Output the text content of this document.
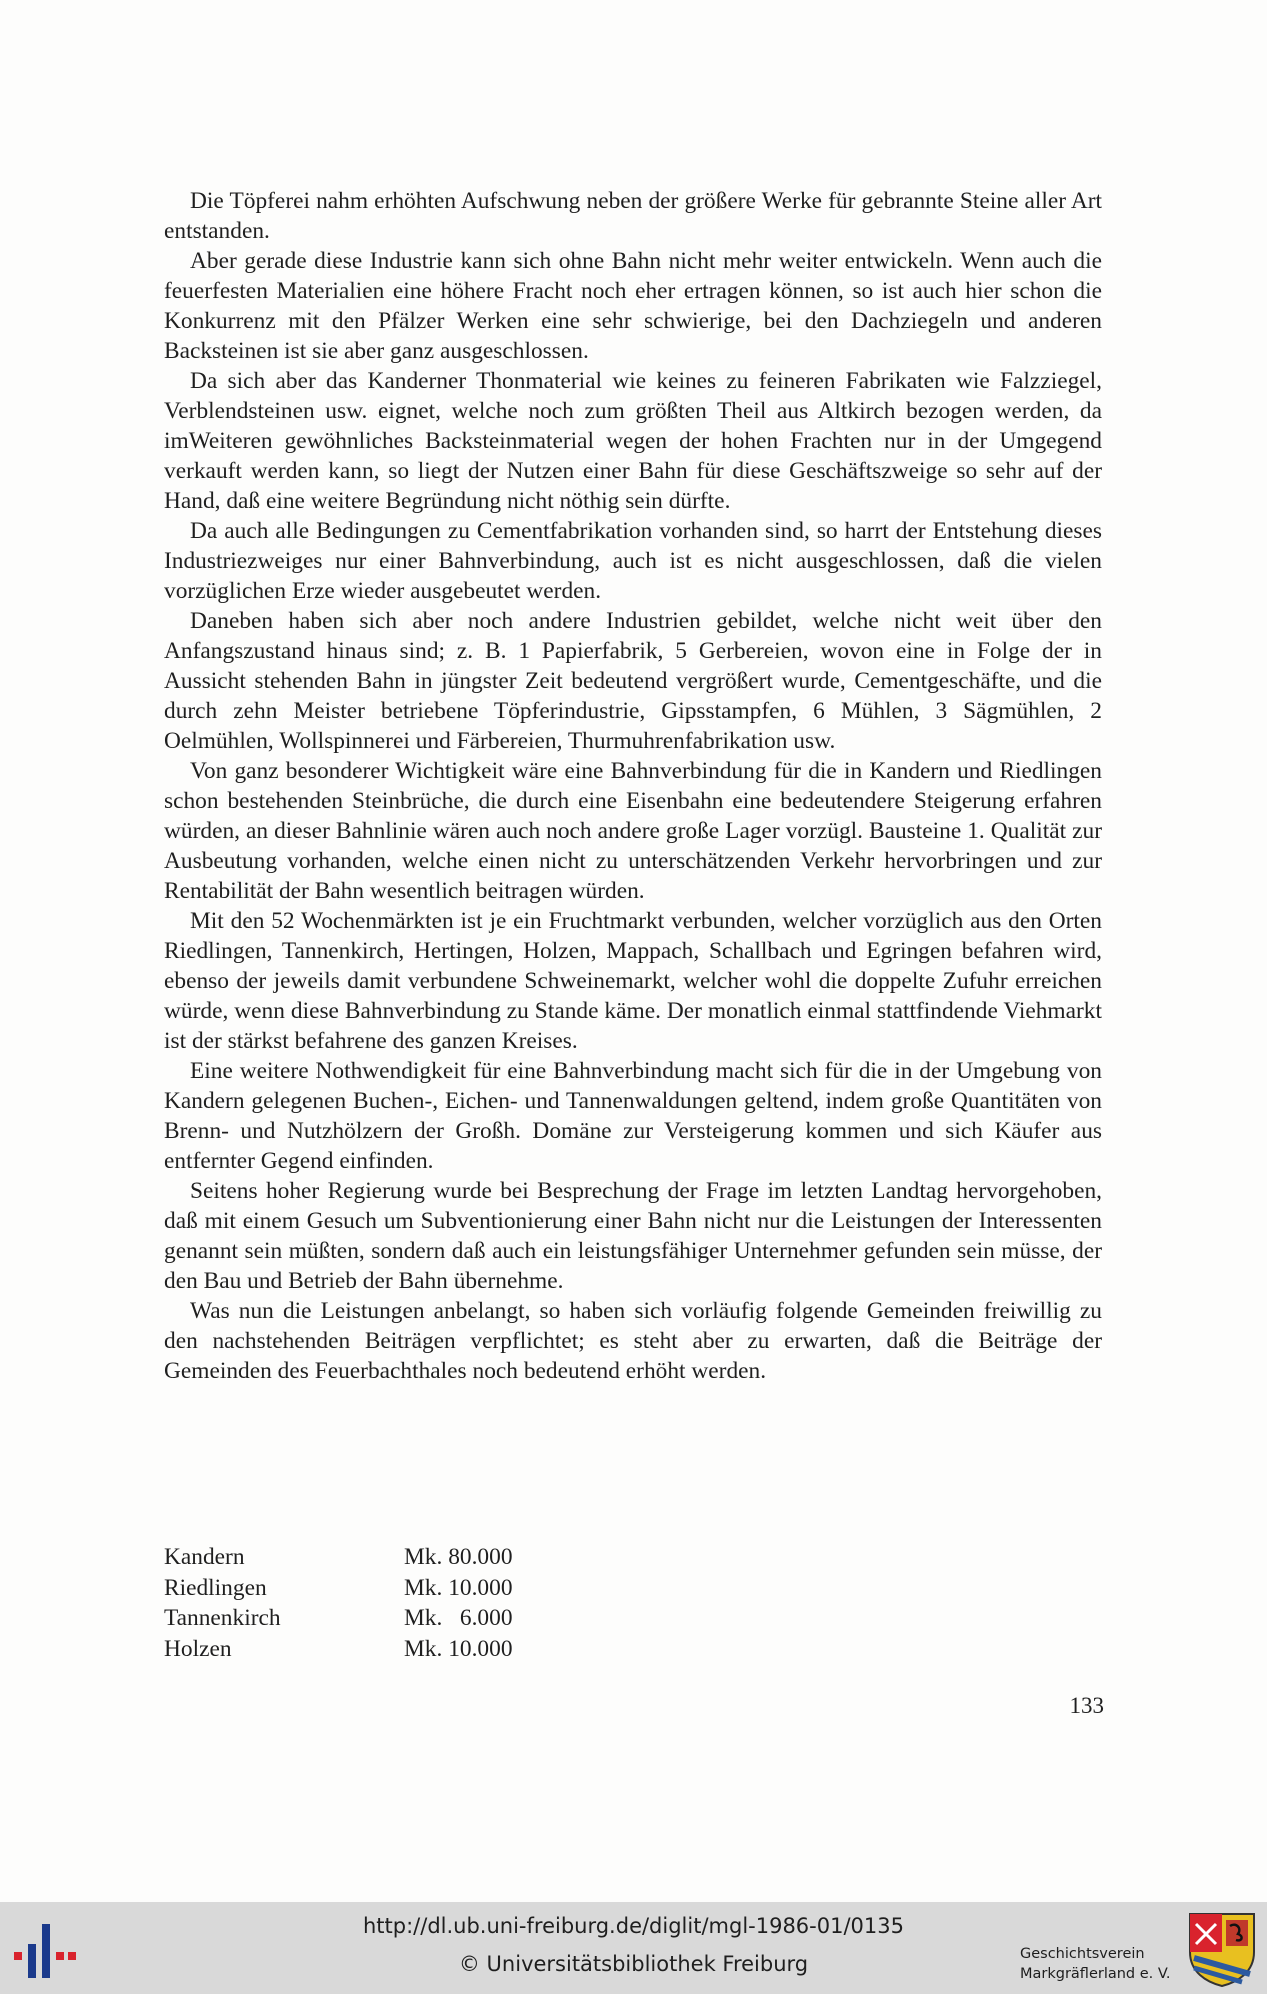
Die Töpferei nahm erhöhten Aufschwung neben der größere Werke für gebrannte Steine aller Art entstanden.

Aber gerade diese Industrie kann sich ohne Bahn nicht mehr weiter entwickeln. Wenn auch die feuerfesten Materialien eine höhere Fracht noch eher ertragen können, so ist auch hier schon die Konkurrenz mit den Pfälzer Werken eine sehr schwierige, bei den Dachziegeln und anderen Backsteinen ist sie aber ganz ausgeschlossen.

Da sich aber das Kanderner Thonmaterial wie keines zu feineren Fabrikaten wie Falzziegel, Verblendsteinen usw. eignet, welche noch zum größten Theil aus Altkirch bezogen werden, da imWeiteren gewöhnliches Backsteinmaterial wegen der hohen Frachten nur in der Umgegend verkauft werden kann, so liegt der Nutzen einer Bahn für diese Geschäftszweige so sehr auf der Hand, daß eine weitere Begründung nicht nöthig sein dürfte.

Da auch alle Bedingungen zu Cementfabrikation vorhanden sind, so harrt der Entstehung dieses Industriezweiges nur einer Bahnverbindung, auch ist es nicht ausgeschlossen, daß die vielen vorzüglichen Erze wieder ausgebeutet werden.

Daneben haben sich aber noch andere Industrien gebildet, welche nicht weit über den Anfangszustand hinaus sind; z. B. 1 Papierfabrik, 5 Gerbereien, wovon eine in Folge der in Aussicht stehenden Bahn in jüngster Zeit bedeutend vergrößert wurde, Cementgeschäfte, und die durch zehn Meister betriebene Töpferindustrie, Gipsstampfen, 6 Mühlen, 3 Sägmühlen, 2 Oelmühlen, Wollspinnerei und Färbereien, Thurmuhrenfabrikation usw.

Von ganz besonderer Wichtigkeit wäre eine Bahnverbindung für die in Kandern und Riedlingen schon bestehenden Steinbrüche, die durch eine Eisenbahn eine bedeutendere Steigerung erfahren würden, an dieser Bahnlinie wären auch noch andere große Lager vorzügl. Bausteine 1. Qualität zur Ausbeutung vorhanden, welche einen nicht zu unterschätzenden Verkehr hervorbringen und zur Rentabilität der Bahn wesentlich beitragen würden.

Mit den 52 Wochenmärkten ist je ein Fruchtmarkt verbunden, welcher vorzüglich aus den Orten Riedlingen, Tannenkirch, Hertingen, Holzen, Mappach, Schallbach und Egringen befahren wird, ebenso der jeweils damit verbundene Schweinemarkt, welcher wohl die doppelte Zufuhr erreichen würde, wenn diese Bahnverbindung zu Stande käme. Der monatlich einmal stattfindende Viehmarkt ist der stärkst befahrene des ganzen Kreises.

Eine weitere Nothwendigkeit für eine Bahnverbindung macht sich für die in der Umgebung von Kandern gelegenen Buchen-, Eichen- und Tannenwaldungen geltend, indem große Quantitäten von Brenn- und Nutzhölzern der Großh. Domäne zur Versteigerung kommen und sich Käufer aus entfernter Gegend einfinden.

Seitens hoher Regierung wurde bei Besprechung der Frage im letzten Landtag hervorgehoben, daß mit einem Gesuch um Subventionierung einer Bahn nicht nur die Leistungen der Interessenten genannt sein müßten, sondern daß auch ein leistungsfähiger Unternehmer gefunden sein müsse, der den Bau und Betrieb der Bahn übernehme.

Was nun die Leistungen anbelangt, so haben sich vorläufig folgende Gemeinden freiwillig zu den nachstehenden Beiträgen verpflichtet; es steht aber zu erwarten, daß die Beiträge der Gemeinden des Feuerbachthales noch bedeutend erhöht werden.

Kandern	Mk. 80.000
Riedlingen	Mk. 10.000
Tannenkirch	Mk.   6.000
Holzen	Mk. 10.000
133
http://dl.ub.uni-freiburg.de/diglit/mgl-1986-01/0135
© Universitätsbibliothek Freiburg	Geschichtsverein
Markgräflerland e. V.
